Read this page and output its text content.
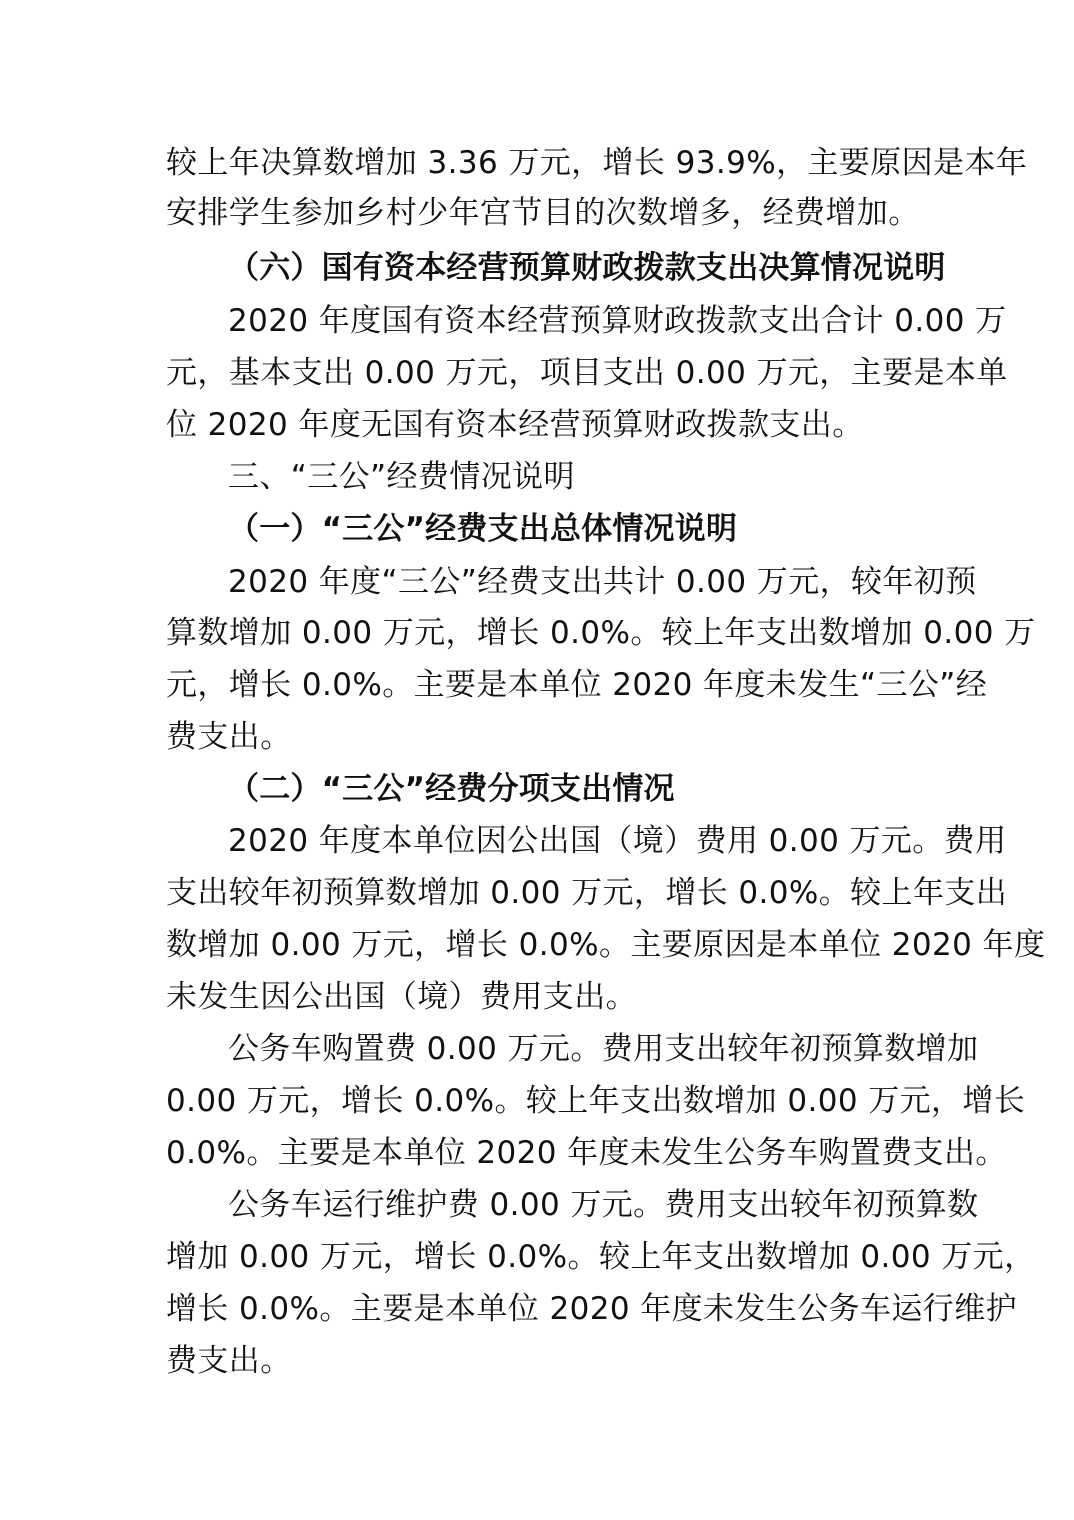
较上年决算数增加 3.36 万元，增长 93.9%，主要原因是本年
安排学生参加乡村少年宫节目的次数增多，经费增加。
（六）国有资本经营预算财政拨款支出决算情况说明
2020 年度国有资本经营预算财政拨款支出合计 0.00 万
元，基本支出 0.00 万元，项目支出 0.00 万元，主要是本单
位 2020 年度无国有资本经营预算财政拨款支出。
三、“三公”经费情况说明
（一）“三公”经费支出总体情况说明
2020 年度“三公”经费支出共计 0.00 万元，较年初预
算数增加 0.00 万元，增长 0.0%。较上年支出数增加 0.00 万
元，增长 0.0%。主要是本单位 2020 年度未发生“三公”经
费支出。
（二）“三公”经费分项支出情况
2020 年度本单位因公出国（境）费用 0.00 万元。费用
支出较年初预算数增加 0.00 万元，增长 0.0%。较上年支出
数增加 0.00 万元，增长 0.0%。主要原因是本单位 2020 年度
未发生因公出国（境）费用支出。
公务车购置费 0.00 万元。费用支出较年初预算数增加
0.00 万元，增长 0.0%。较上年支出数增加 0.00 万元，增长
0.0%。主要是本单位 2020 年度未发生公务车购置费支出。
公务车运行维护费 0.00 万元。费用支出较年初预算数
增加 0.00 万元，增长 0.0%。较上年支出数增加 0.00 万元，
增长 0.0%。主要是本单位 2020 年度未发生公务车运行维护
费支出。
